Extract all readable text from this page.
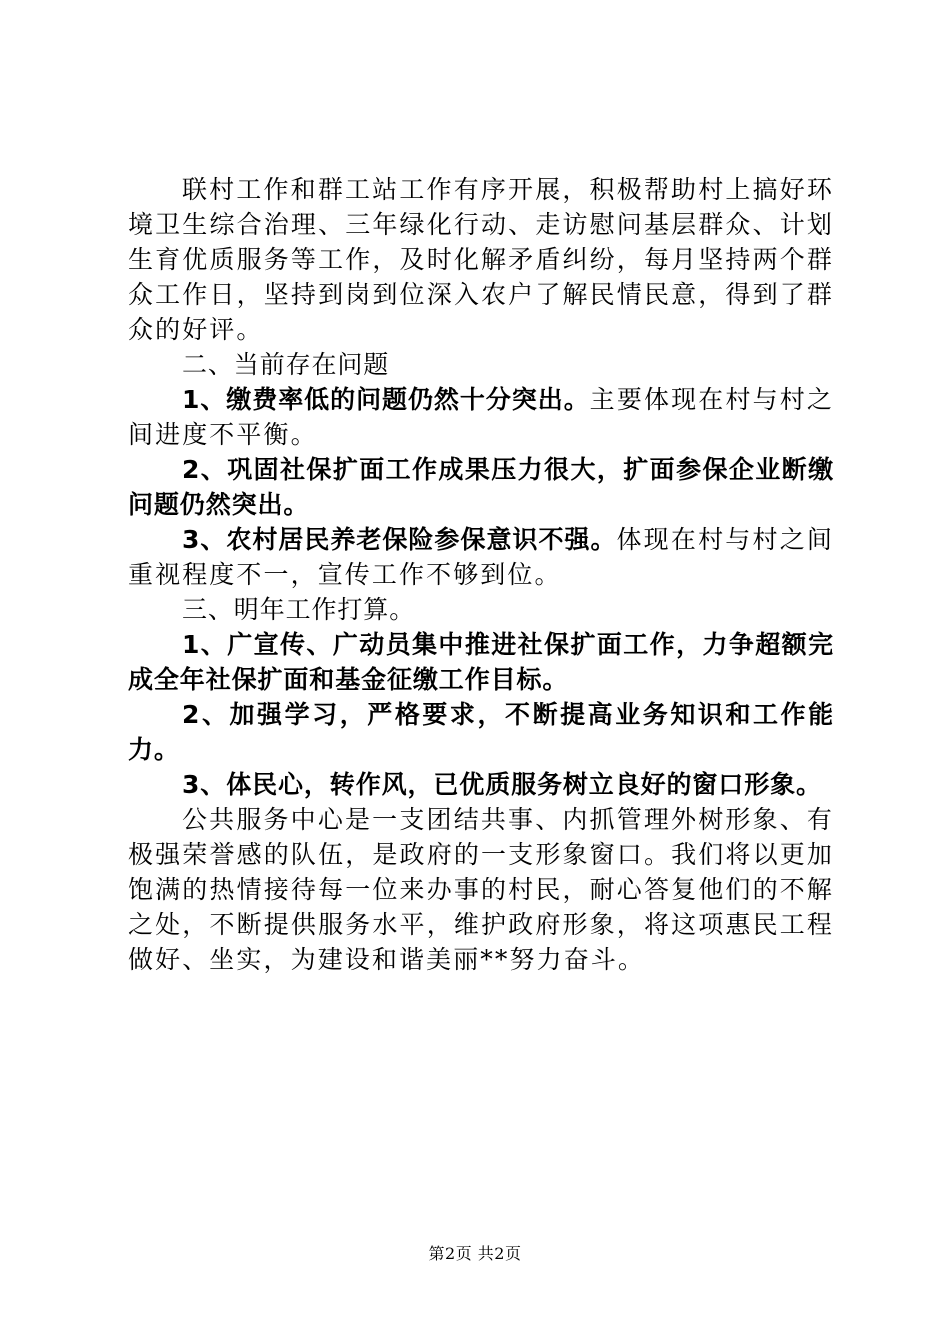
联村工作和群工站工作有序开展，积极帮助村上搞好环境卫生综合治理、三年绿化行动、走访慰问基层群众、计划生育优质服务等工作，及时化解矛盾纠纷，每月坚持两个群众工作日，坚持到岗到位深入农户了解民情民意，得到了群众的好评。

二、当前存在问题

1、缴费率低的问题仍然十分突出。主要体现在村与村之间进度不平衡。

2、巩固社保扩面工作成果压力很大，扩面参保企业断缴问题仍然突出。

3、农村居民养老保险参保意识不强。体现在村与村之间重视程度不一，宣传工作不够到位。

三、明年工作打算。

1、广宣传、广动员集中推进社保扩面工作，力争超额完成全年社保扩面和基金征缴工作目标。

2、加强学习，严格要求，不断提高业务知识和工作能力。

3、体民心，转作风，已优质服务树立良好的窗口形象。

公共服务中心是一支团结共事、内抓管理外树形象、有极强荣誉感的队伍，是政府的一支形象窗口。我们将以更加饱满的热情接待每一位来办事的村民，耐心答复他们的不解之处，不断提供服务水平，维护政府形象，将这项惠民工程做好、坐实，为建设和谐美丽**努力奋斗。

第2页 共2页
